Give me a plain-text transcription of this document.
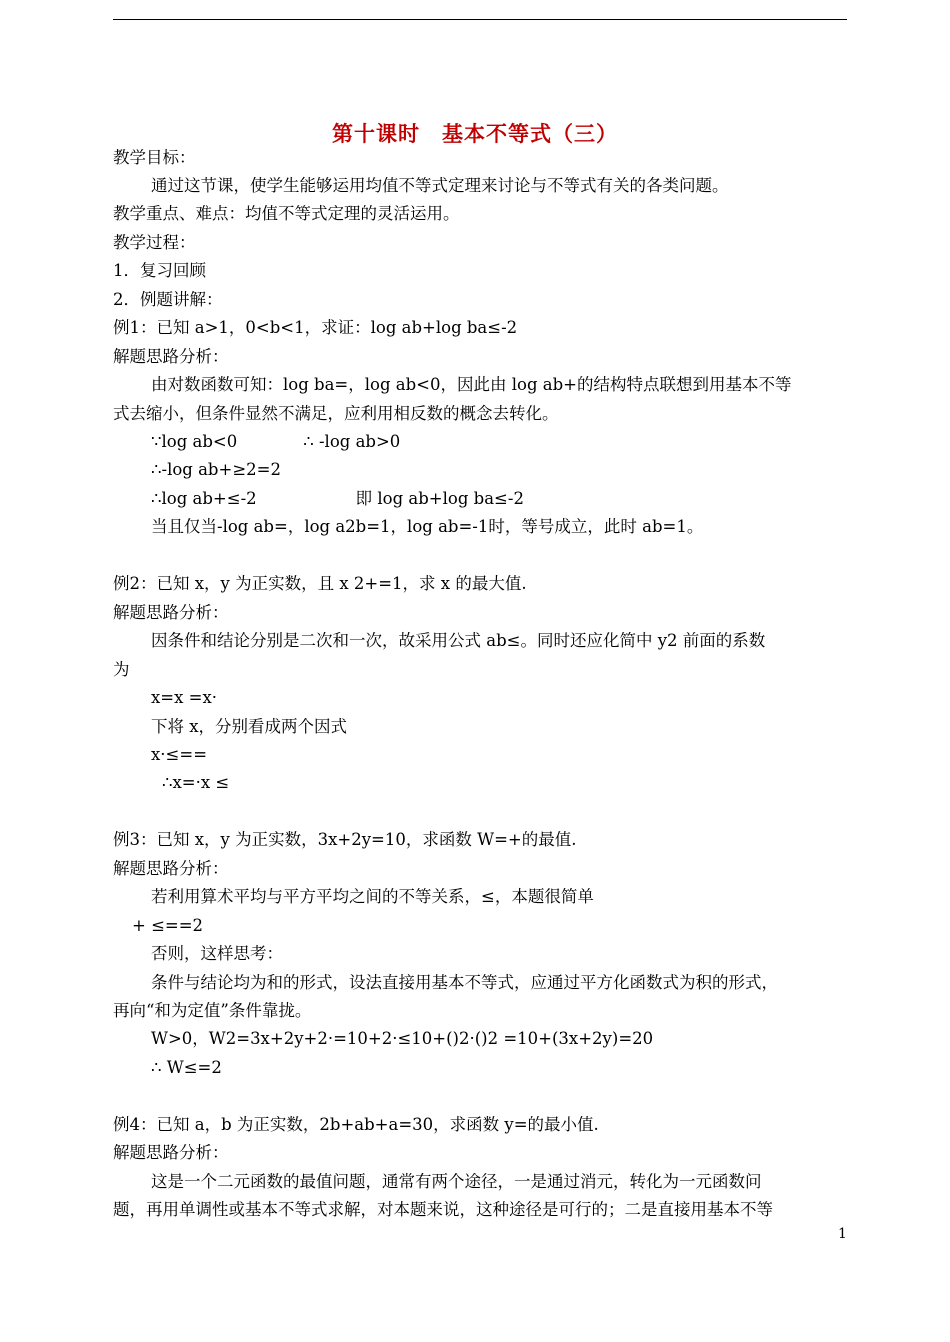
第十课时　基本不等式（三）
教学目标：
通过这节课，使学生能够运用均值不等式定理来讨论与不等式有关的各类问题。
教学重点、难点：均值不等式定理的灵活运用。
教学过程：
1．复习回顾
2．例题讲解：
例1：已知 a>1，0<b<1，求证：log ab+log ba≤-2
解题思路分析：
由对数函数可知：log ba=，log ab<0，因此由 log ab+的结构特点联想到用基本不等
式去缩小，但条件显然不满足，应利用相反数的概念去转化。
∵log ab<0　　　　∴ -log ab>0
∴-log ab+≥2=2
∴log ab+≤-2　　　　　　即 log ab+log ba≤-2
当且仅当-log ab=，log a2b=1，log ab=-1时，等号成立，此时 ab=1。
例2：已知 x，y 为正实数，且 x 2+=1，求 x 的最大值.
解题思路分析：
因条件和结论分别是二次和一次，故采用公式 ab≤。同时还应化简中 y2 前面的系数
为
x=x =x·
下将 x，分别看成两个因式
x·≤==
∴x=·x ≤
例3：已知 x，y 为正实数，3x+2y=10，求函数 W=+的最值.
解题思路分析：
若利用算术平均与平方平均之间的不等关系，≤，本题很简单
+ ≤==2
否则，这样思考：
条件与结论均为和的形式，设法直接用基本不等式，应通过平方化函数式为积的形式，
再向“和为定值”条件靠拢。
W>0，W2=3x+2y+2·=10+2·≤10+()2·()2 =10+(3x+2y)=20
∴ W≤=2
例4：已知 a，b 为正实数，2b+ab+a=30，求函数 y=的最小值.
解题思路分析：
这是一个二元函数的最值问题，通常有两个途径，一是通过消元，转化为一元函数问
题，再用单调性或基本不等式求解，对本题来说，这种途径是可行的；二是直接用基本不等
1
